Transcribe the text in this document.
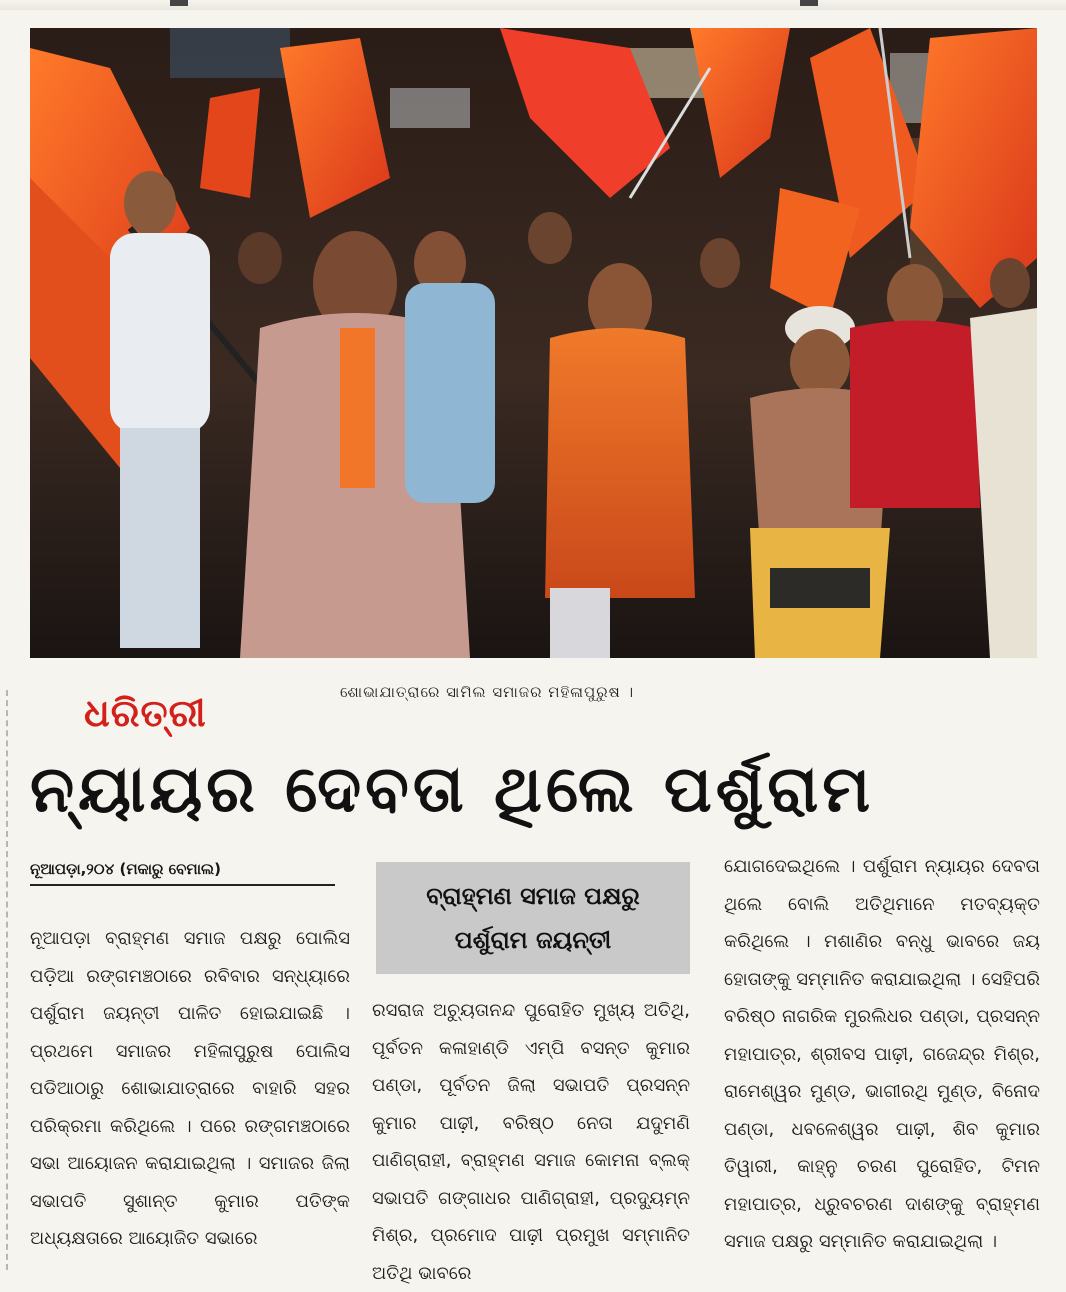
ଶୋଭାଯାତ୍ରାରେ ସାମିଲ ସମାଜର ମହିଳାପୁରୁଷ ।
ଧରିତ୍ରୀ
ନ୍ୟାୟର ଦେବତା ଥିଲେ ପର୍ଶୁରାମ
ନୂଆପଡ଼ା,୨୦୪ (ମକାରୁ ବେମାଲ)
ନୂଆପଡ଼ା ବ୍ରାହ୍ମଣ ସମାଜ ପକ୍ଷରୁ ପୋଲିସ ପଡ଼ିଆ ରଙ୍ଗମଞ୍ଚଠାରେ ରବିବାର ସନ୍ଧ୍ୟାରେ ପର୍ଶୁରାମ ଜୟନ୍ତୀ ପାଳିତ ହୋଇଯାଇଛି । ପ୍ରଥମେ ସମାଜର ମହିଳାପୁରୁଷ ପୋଲିସ ପଡିଆଠାରୁ ଶୋଭାଯାତ୍ରାରେ ବାହାରି ସହର ପରିକ୍ରମା କରିଥିଲେ । ପରେ ରଙ୍ଗମଞ୍ଚଠାରେ ସଭା ଆୟୋଜନ କରାଯାଇଥିଲା । ସମାଜର ଜିଲା ସଭାପତି ସୁଶାନ୍ତ କୁମାର ପତିଙ୍କ ଅଧ୍ୟକ୍ଷତାରେ ଆୟୋଜିତ ସଭାରେ
ବ୍ରାହ୍ମଣ ସମାଜ ପକ୍ଷରୁ
ପର୍ଶୁରାମ ଜୟନ୍ତୀ
ରସରାଜ ଅଚ୍ୟୁତାନନ୍ଦ ପୁରୋହିତ ମୁଖ୍ୟ ଅତିଥି, ପୂର୍ବତନ କଳାହାଣ୍ଡି ଏମ୍ପି ବସନ୍ତ କୁମାର ପଣ୍ଡା, ପୂର୍ବତନ ଜିଲା ସଭାପତି ପ୍ରସନ୍ନ କୁମାର ପାଢ଼ୀ, ବରିଷ୍ଠ ନେତା ଯଦୁମଣି ପାଣିଗ୍ରାହୀ, ବ୍ରାହ୍ମଣ ସମାଜ କୋମନା ବ୍ଲକ୍ ସଭାପତି ଗଙ୍ଗାଧର ପାଣିଗ୍ରାହୀ, ପ୍ରଦ୍ୟୁମ୍ନ ମିଶ୍ର, ପ୍ରମୋଦ ପାଢ଼ୀ ପ୍ରମୁଖ ସମ୍ମାନିତ ଅତିଥି ଭାବରେ
ଯୋଗଦେଇଥିଲେ । ପର୍ଶୁରାମ ନ୍ୟାୟର ଦେବତା ଥିଲେ ବୋଲି ଅତିଥିମାନେ ମତବ୍ୟକ୍ତ କରିଥିଲେ । ମଶାଣିର ବନ୍ଧୁ ଭାବରେ ଜୟ ହୋତାଙ୍କୁ ସମ୍ମାନିତ କରାଯାଇଥିଲା । ସେହିପରି ବରିଷ୍ଠ ନାଗରିକ ମୁରଲିଧର ପଣ୍ଡା, ପ୍ରସନ୍ନ ମହାପାତ୍ର, ଶ୍ରୀବସ ପାଢ଼ୀ, ଗଜେନ୍ଦ୍ର ମିଶ୍ର, ରାମେଶ୍ୱର ମୁଣ୍ଡ, ଭାଗୀରଥି ମୁଣ୍ଡ, ବିନୋଦ ପଣ୍ଡା, ଧବଳେଶ୍ୱର ପାଢ଼ୀ, ଶିବ କୁମାର ତିୱାରୀ, କାହ୍ନୁ ଚରଣ ପୁରୋହିତ, ଟିମନ ମହାପାତ୍ର, ଧ୍ରୁବଚରଣ ଦାଶଙ୍କୁ ବ୍ରାହ୍ମଣ ସମାଜ ପକ୍ଷରୁ ସମ୍ମାନିତ କରାଯାଇଥିଲା ।
